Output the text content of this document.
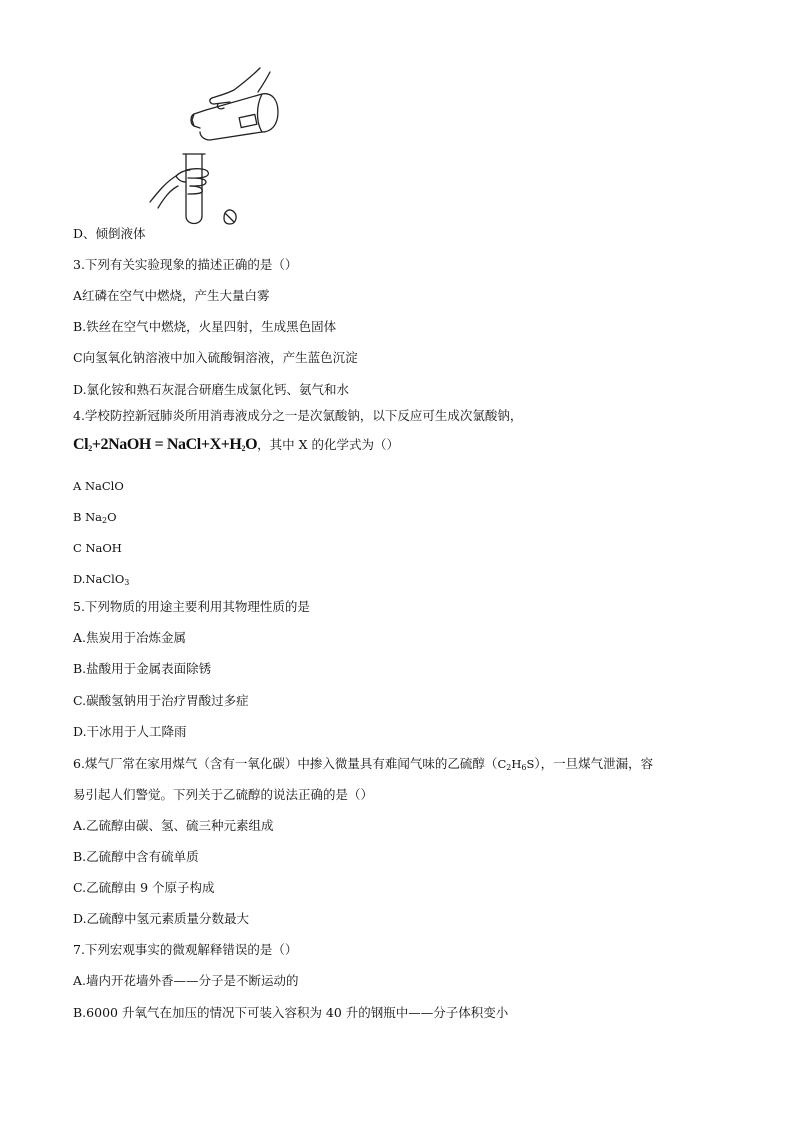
D、倾倒液体
3.下列有关实验现象的描述正确的是（）
A红磷在空气中燃烧，产生大量白雾
B.铁丝在空气中燃烧，火星四射，生成黑色固体
C向氢氧化钠溶液中加入硫酸铜溶液，产生蓝色沉淀
D.氯化铵和熟石灰混合研磨生成氯化钙、氨气和水
4.学校防控新冠肺炎所用消毒液成分之一是次氯酸钠，以下反应可生成次氯酸钠，
$Cl_2+2NaOH$ = $NaCl+X+H_2O$，其中 X 的化学式为（）
A NaClO
B $Na_2O$
C NaOH
D.NaClO$_3$
5.下列物质的用途主要利用其物理性质的是
A.焦炭用于冶炼金属
B.盐酸用于金属表面除锈
C.碳酸氢钠用于治疗胃酸过多症
D.干冰用于人工降雨
6.煤气厂常在家用煤气（含有一氧化碳）中掺入微量具有难闻气味的乙硫醇$(C_2H_6S)$，一旦煤气泄漏，容
易引起人们警觉。下列关于乙硫醇的说法正确的是（）
A.乙硫醇由碳、氢、硫三种元素组成
B.乙硫醇中含有硫单质
C.乙硫醇由 9 个原子构成
D.乙硫醇中氢元素质量分数最大
7.下列宏观事实的微观解释错误的是（）
A.墙内开花墙外香——分子是不断运动的
B.6000 升氧气在加压的情况下可装入容积为 40 升的钢瓶中——分子体积变小
